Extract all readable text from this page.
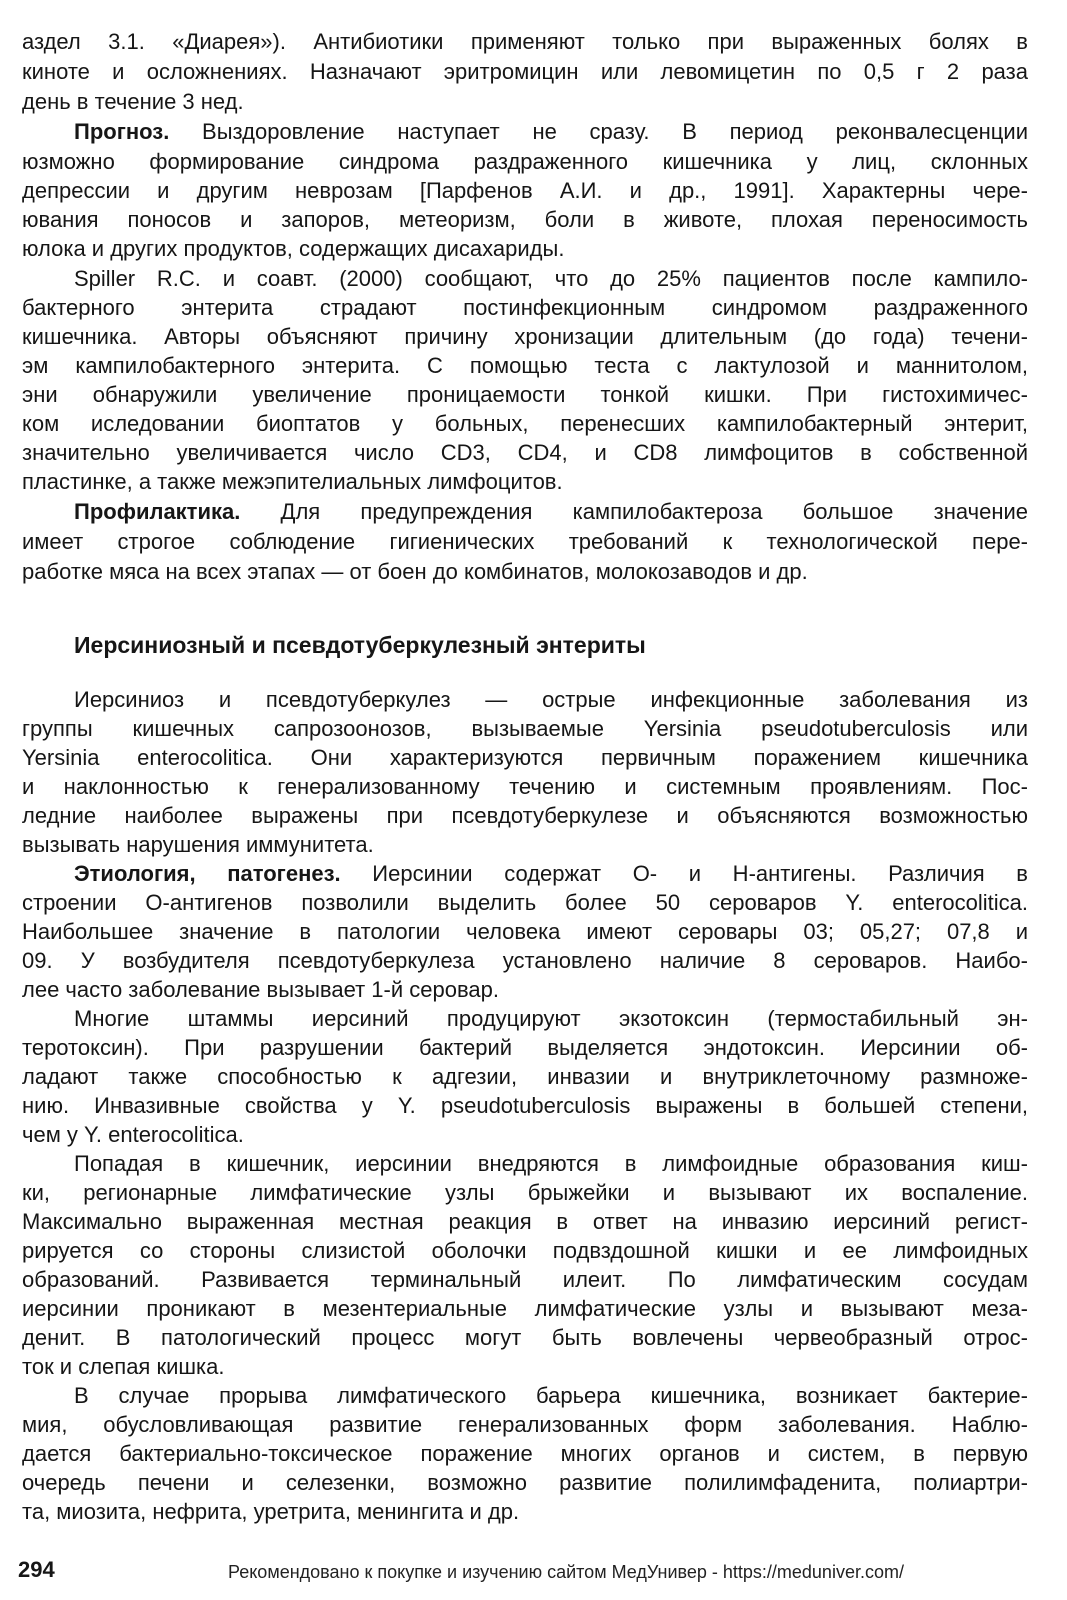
аздел 3.1. «Диарея»). Антибиотики применяют только при выраженных болях в
киноте и осложнениях. Назначают эритромицин или левомицетин по 0,5 г 2 раза
день в течение 3 нед.
Прогноз. Выздоровление наступает не сразу. В период реконвалесценции
юзможно формирование синдрома раздраженного кишечника у лиц, склонных
депрессии и другим неврозам [Парфенов А.И. и др., 1991]. Характерны чере-
ювания поносов и запоров, метеоризм, боли в животе, плохая переносимость
юлока и других продуктов, содержащих дисахариды.
Spiller R.C. и соавт. (2000) сообщают, что до 25% пациентов после кампило-
бактерного энтерита страдают постинфекционным синдромом раздраженного
кишечника. Авторы объясняют причину хронизации длительным (до года) течени-
эм кампилобактерного энтерита. С помощью теста с лактулозой и маннитолом,
эни обнаружили увеличение проницаемости тонкой кишки. При гистохимичес-
ком иследовании биоптатов у больных, перенесших кампилобактерный энтерит,
значительно увеличивается число CD3, CD4, и CD8 лимфоцитов в собственной
пластинке, а также межэпителиальных лимфоцитов.
Профилактика. Для предупреждения кампилобактероза большое значение
имеет строгое соблюдение гигиенических требований к технологической пере-
работке мяса на всех этапах — от боен до комбинатов, молокозаводов и др.
Иерсиниозный и псевдотуберкулезный энтериты
Иерсиниоз и псевдотуберкулез — острые инфекционные заболевания из
группы кишечных сапрозоонозов, вызываемые Yersinia pseudotuberculosis или
Yersinia enterocolitica. Они характеризуются первичным поражением кишечника
и наклонностью к генерализованному течению и системным проявлениям. Пос-
ледние наиболее выражены при псевдотуберкулезе и объясняются возможностью
вызывать нарушения иммунитета.
Этиология, патогенез. Иерсинии содержат О- и Н-антигены. Различия в
строении О-антигенов позволили выделить более 50 сероваров Y. enterocolitica.
Наибольшее значение в патологии человека имеют серовары 03; 05,27; 07,8 и
09. У возбудителя псевдотуберкулеза установлено наличие 8 сероваров. Наибо-
лее часто заболевание вызывает 1-й серовар.
Многие штаммы иерсиний продуцируют экзотоксин (термостабильный эн-
теротоксин). При разрушении бактерий выделяется эндотоксин. Иерсинии об-
ладают также способностью к адгезии, инвазии и внутриклеточному размноже-
нию. Инвазивные свойства у Y. pseudotuberculosis выражены в большей степени,
чем у Y. enterocolitica.
Попадая в кишечник, иерсинии внедряются в лимфоидные образования киш-
ки, регионарные лимфатические узлы брыжейки и вызывают их воспаление.
Максимально выраженная местная реакция в ответ на инвазию иерсиний регист-
рируется со стороны слизистой оболочки подвздошной кишки и ее лимфоидных
образований. Развивается терминальный илеит. По лимфатическим сосудам
иерсинии проникают в мезентериальные лимфатические узлы и вызывают меза-
денит. В патологический процесс могут быть вовлечены червеобразный отрос-
ток и слепая кишка.
В случае прорыва лимфатического барьера кишечника, возникает бактерие-
мия, обусловливающая развитие генерализованных форм заболевания. Наблю-
дается бактериально-токсическое поражение многих органов и систем, в первую
очередь печени и селезенки, возможно развитие полилимфаденита, полиартри-
та, миозита, нефрита, уретрита, менингита и др.
294	Рекомендовано к покупке и изучению сайтом МедУнивер - https://meduniver.com/
